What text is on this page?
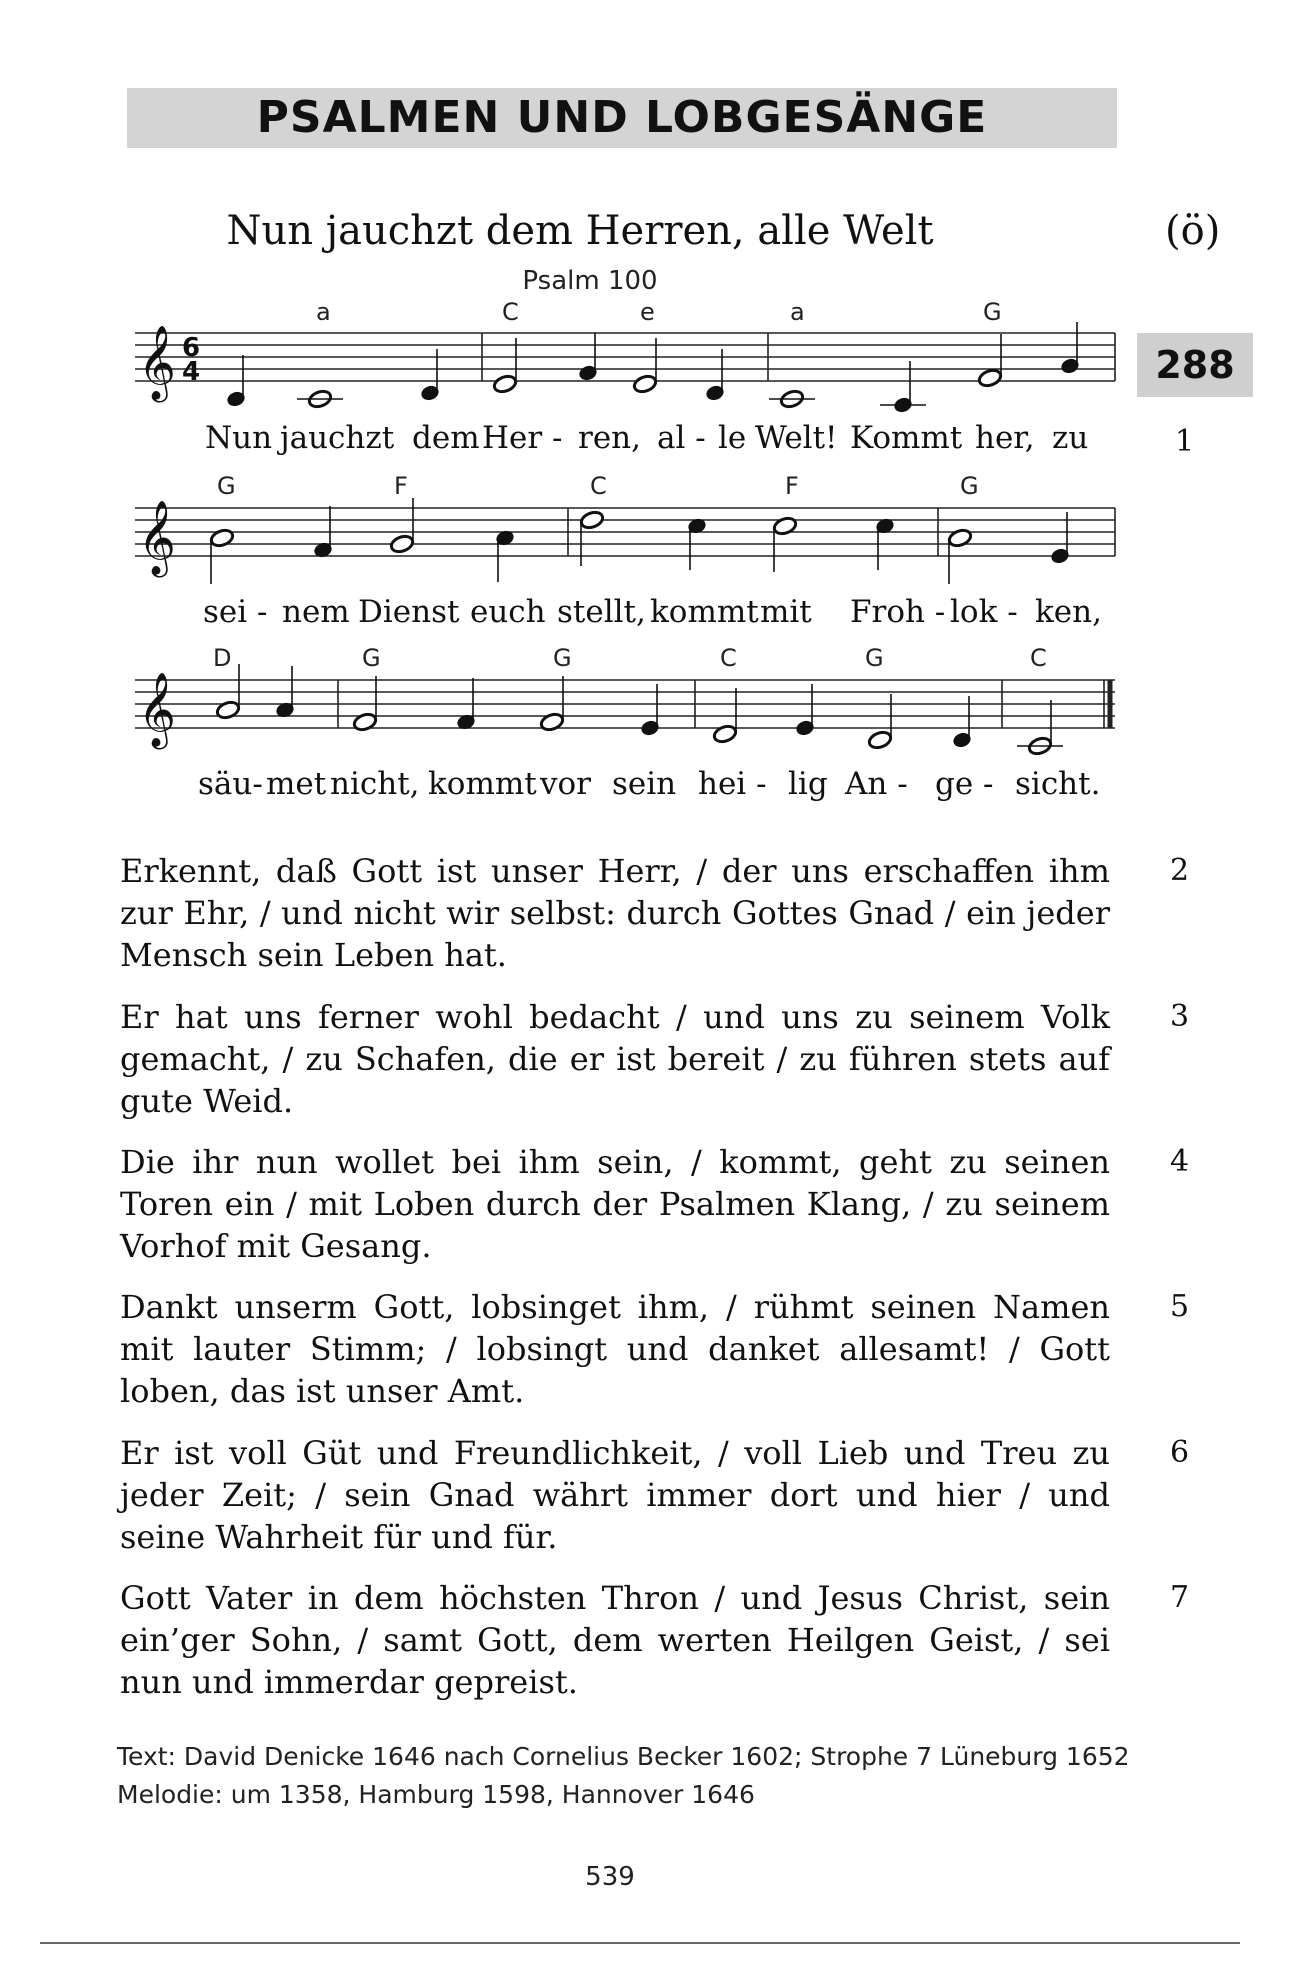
PSALMEN UND LOBGESÄNGE
Nun jauchzt dem Herren, alle Welt	(ö)
Psalm 100
288
𝄞
𝄞
𝄞
6
4
a	C	e	a	G
Nun jauchzt dem Her - ren, al - le Welt! Kommt her, zu	1
G	F	C	F	G
sei - nem Dienst euch stellt, kommt mit Froh - lok - ken,
D	G	G	C	G	C
säu- met nicht, kommt vor sein hei - lig An - ge - sicht.
Erkennt, daß Gott ist unser Herr, / der uns erschaffen ihm zur Ehr, / und nicht wir selbst: durch Gottes Gnad / ein jeder Mensch sein Leben hat.
2
Er hat uns ferner wohl bedacht / und uns zu seinem Volk gemacht, / zu Schafen, die er ist bereit / zu führen stets auf gute Weid.
3
Die ihr nun wollet bei ihm sein, / kommt, geht zu seinen Toren ein / mit Loben durch der Psalmen Klang, / zu seinem Vorhof mit Gesang.
4
Dankt unserm Gott, lobsinget ihm, / rühmt seinen Namen mit lauter Stimm; / lobsingt und danket allesamt! / Gott loben, das ist unser Amt.
5
Er ist voll Güt und Freundlichkeit, / voll Lieb und Treu zu jeder Zeit; / sein Gnad währt immer dort und hier / und seine Wahrheit für und für.
6
Gott Vater in dem höchsten Thron / und Jesus Christ, sein ein’ger Sohn, / samt Gott, dem werten Heilgen Geist, / sei nun und immerdar gepreist.
7
Text: David Denicke 1646 nach Cornelius Becker 1602; Strophe 7 Lüneburg 1652
Melodie: um 1358, Hamburg 1598, Hannover 1646
539
